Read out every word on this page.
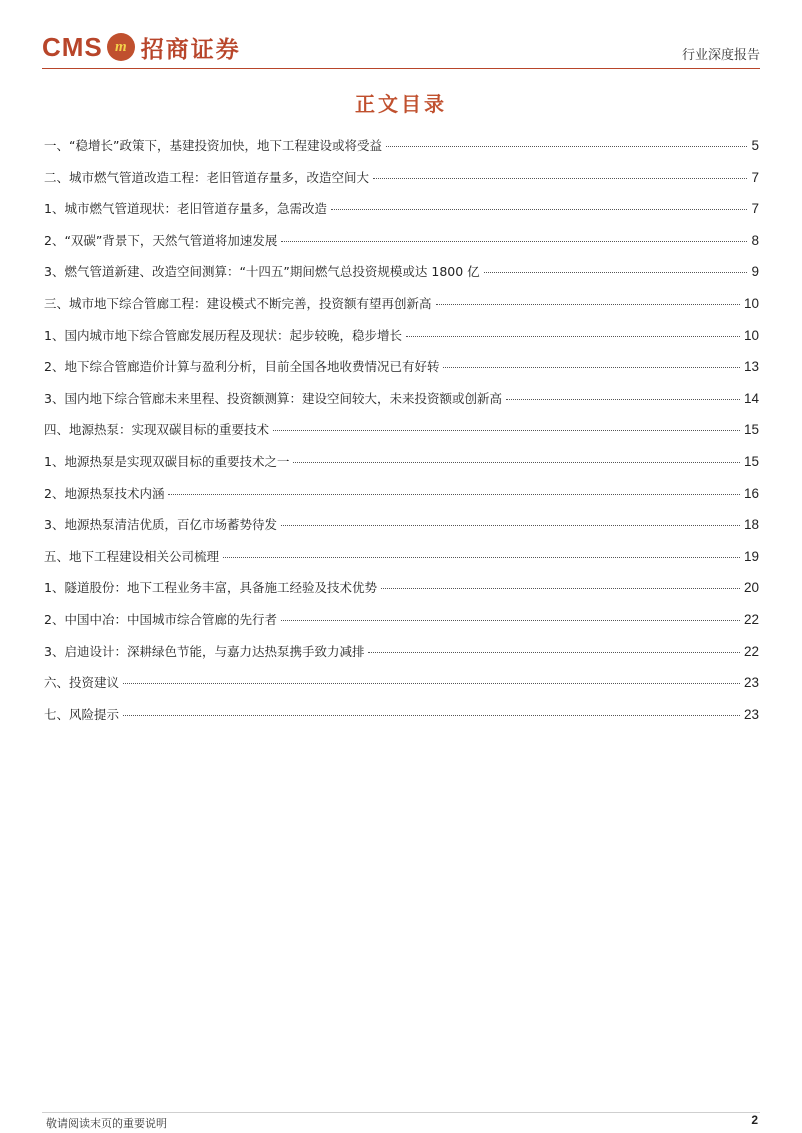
CMS m 招商证券	行业深度报告
正文目录
一、“稳增长”政策下，基建投资加快，地下工程建设或将受益	5
二、城市燃气管道改造工程：老旧管道存量多，改造空间大	7
1、城市燃气管道现状：老旧管道存量多，急需改造	7
2、“双碳”背景下，天然气管道将加速发展	8
3、燃气管道新建、改造空间测算：“十四五”期间燃气总投资规模或达 1800 亿	9
三、城市地下综合管廊工程：建设模式不断完善，投资额有望再创新高	10
1、国内城市地下综合管廊发展历程及现状：起步较晚，稳步增长	10
2、地下综合管廊造价计算与盈利分析，目前全国各地收费情况已有好转	13
3、国内地下综合管廊未来里程、投资额测算：建设空间较大，未来投资额或创新高	14
四、地源热泵：实现双碳目标的重要技术	15
1、地源热泵是实现双碳目标的重要技术之一	15
2、地源热泵技术内涵	16
3、地源热泵清洁优质，百亿市场蓄势待发	18
五、地下工程建设相关公司梳理	19
1、隧道股份：地下工程业务丰富，具备施工经验及技术优势	20
2、中国中冶：中国城市综合管廊的先行者	22
3、启迪设计：深耕绿色节能，与嘉力达热泵携手致力减排	22
六、投资建议	23
七、风险提示	23
敬请阅读末页的重要说明	2
